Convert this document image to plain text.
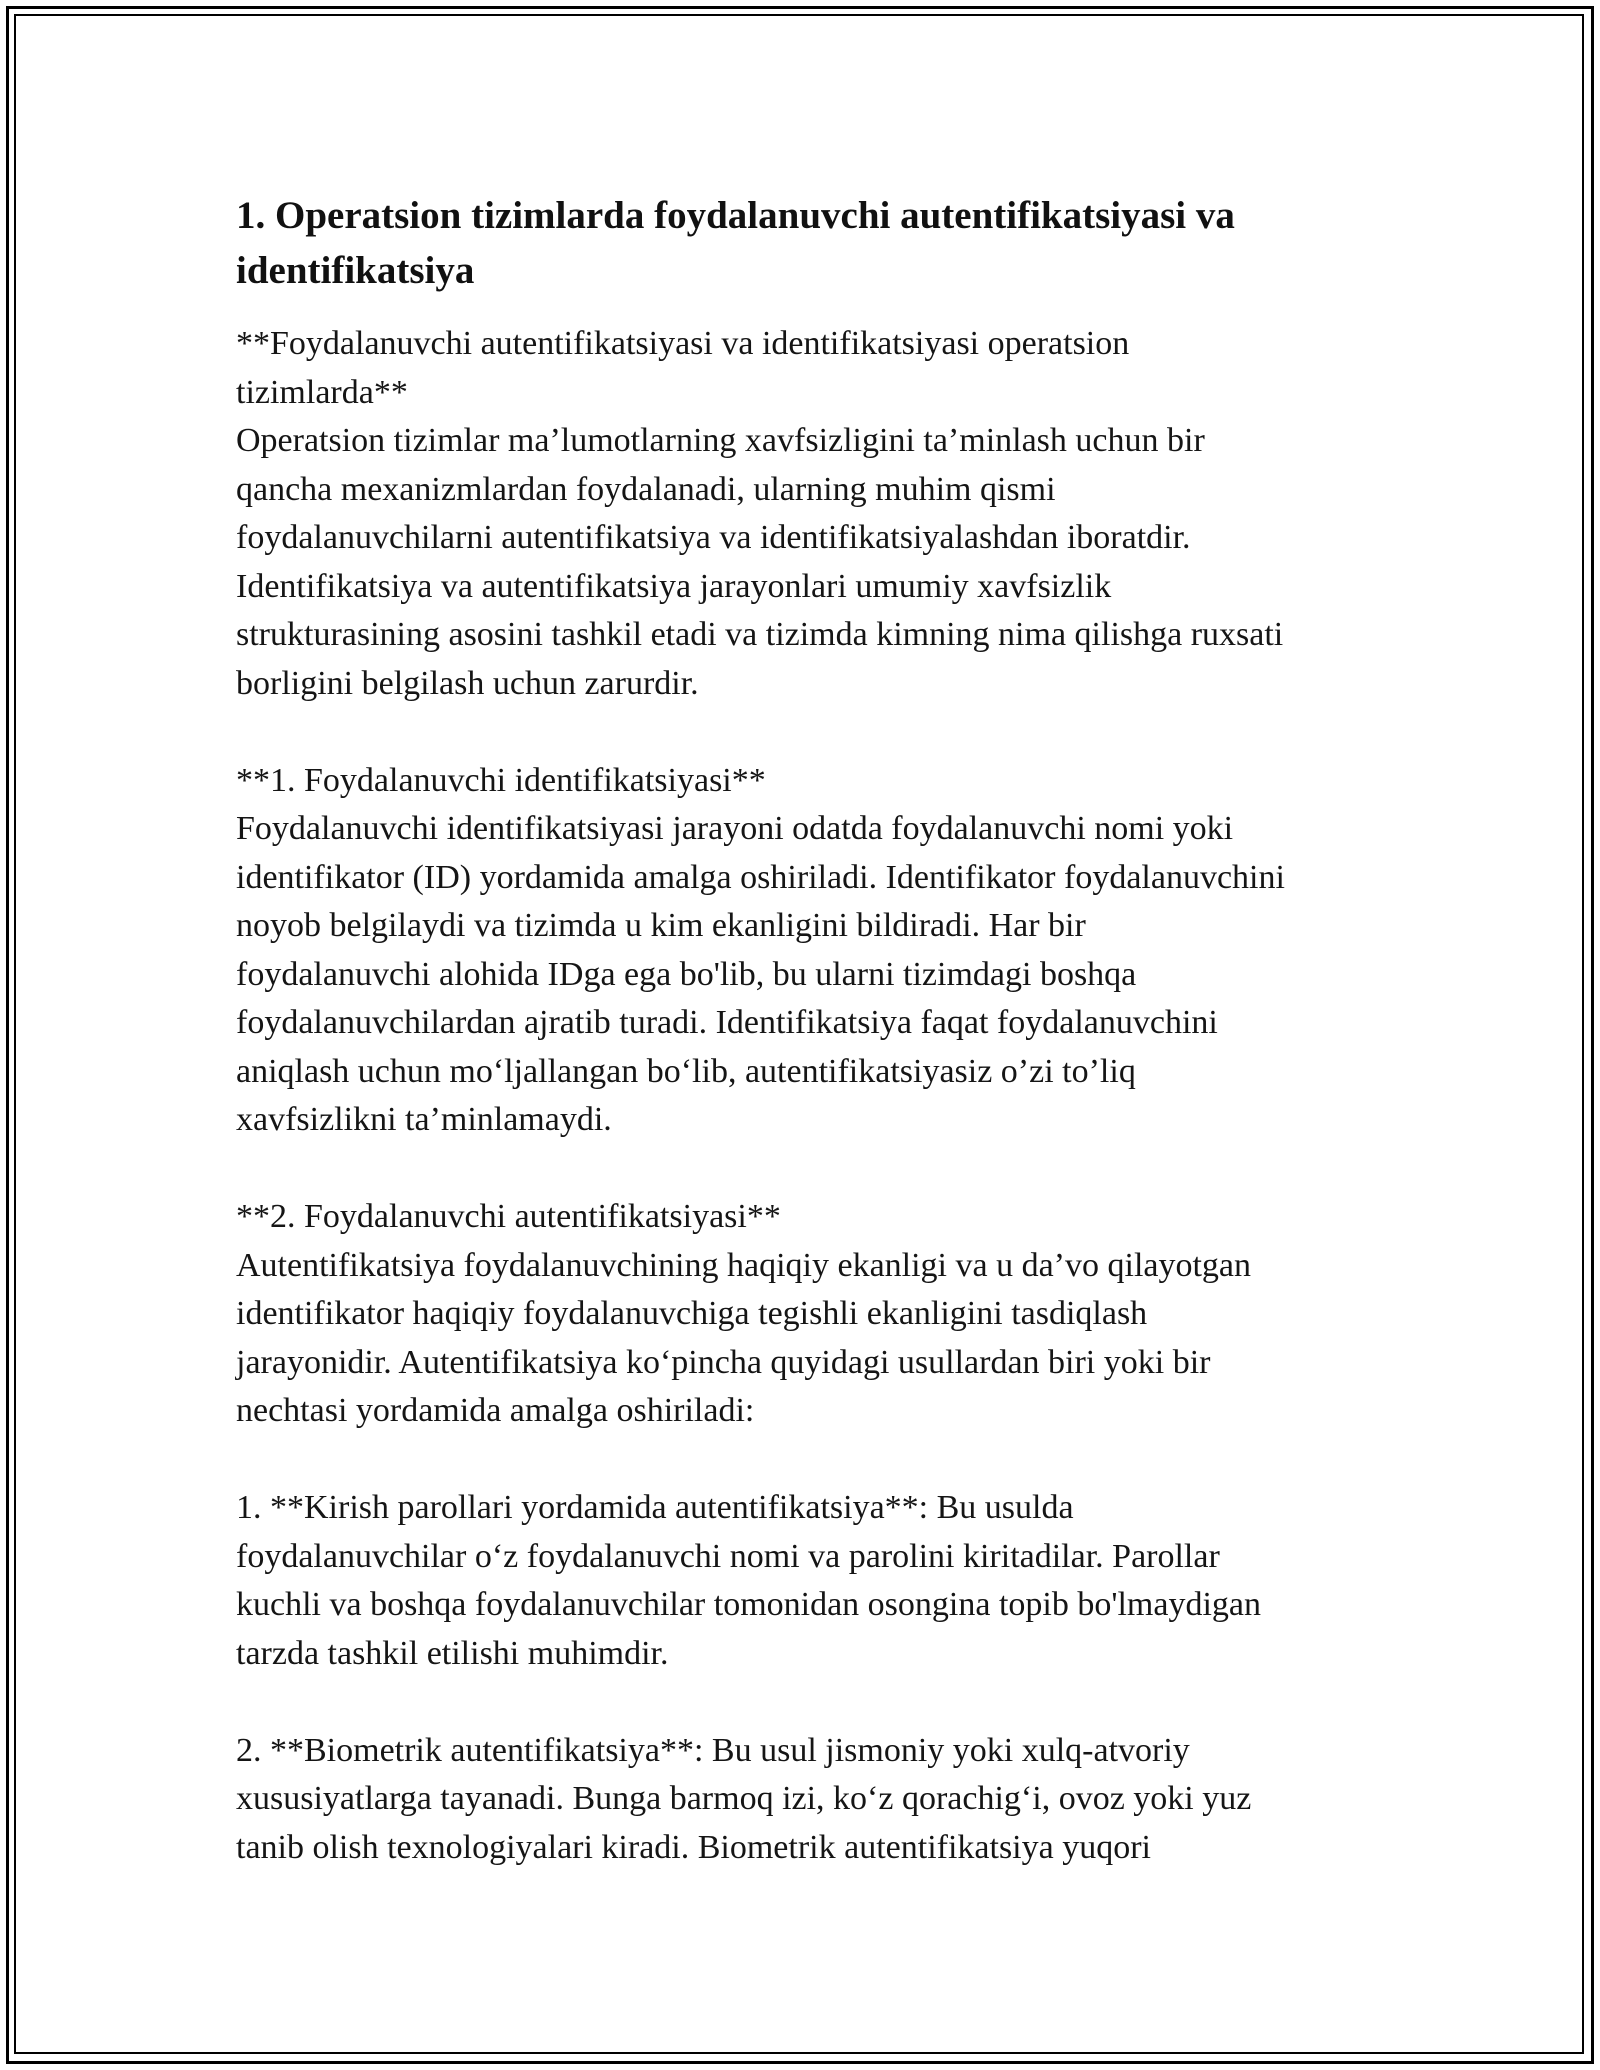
1. Operatsion tizimlarda foydalanuvchi autentifikatsiyasi va identifikatsiya

**Foydalanuvchi autentifikatsiyasi va identifikatsiyasi operatsion
tizimlarda**
Operatsion tizimlar ma’lumotlarning xavfsizligini ta’minlash uchun bir
qancha mexanizmlardan foydalanadi, ularning muhim qismi
foydalanuvchilarni autentifikatsiya va identifikatsiyalashdan iboratdir.
Identifikatsiya va autentifikatsiya jarayonlari umumiy xavfsizlik
strukturasining asosini tashkil etadi va tizimda kimning nima qilishga ruxsati
borligini belgilash uchun zarurdir.

**1. Foydalanuvchi identifikatsiyasi**
Foydalanuvchi identifikatsiyasi jarayoni odatda foydalanuvchi nomi yoki
identifikator (ID) yordamida amalga oshiriladi. Identifikator foydalanuvchini
noyob belgilaydi va tizimda u kim ekanligini bildiradi. Har bir
foydalanuvchi alohida IDga ega bo'lib, bu ularni tizimdagi boshqa
foydalanuvchilardan ajratib turadi. Identifikatsiya faqat foydalanuvchini
aniqlash uchun mo‘ljallangan bo‘lib, autentifikatsiyasiz o’zi to’liq
xavfsizlikni ta’minlamaydi.

**2. Foydalanuvchi autentifikatsiyasi**
Autentifikatsiya foydalanuvchining haqiqiy ekanligi va u da’vo qilayotgan
identifikator haqiqiy foydalanuvchiga tegishli ekanligini tasdiqlash
jarayonidir. Autentifikatsiya ko‘pincha quyidagi usullardan biri yoki bir
nechtasi yordamida amalga oshiriladi:

1. **Kirish parollari yordamida autentifikatsiya**: Bu usulda
foydalanuvchilar o‘z foydalanuvchi nomi va parolini kiritadilar. Parollar
kuchli va boshqa foydalanuvchilar tomonidan osongina topib bo'lmaydigan
tarzda tashkil etilishi muhimdir.

2. **Biometrik autentifikatsiya**: Bu usul jismoniy yoki xulq-atvoriy
xususiyatlarga tayanadi. Bunga barmoq izi, ko‘z qorachig‘i, ovoz yoki yuz
tanib olish texnologiyalari kiradi. Biometrik autentifikatsiya yuqori
